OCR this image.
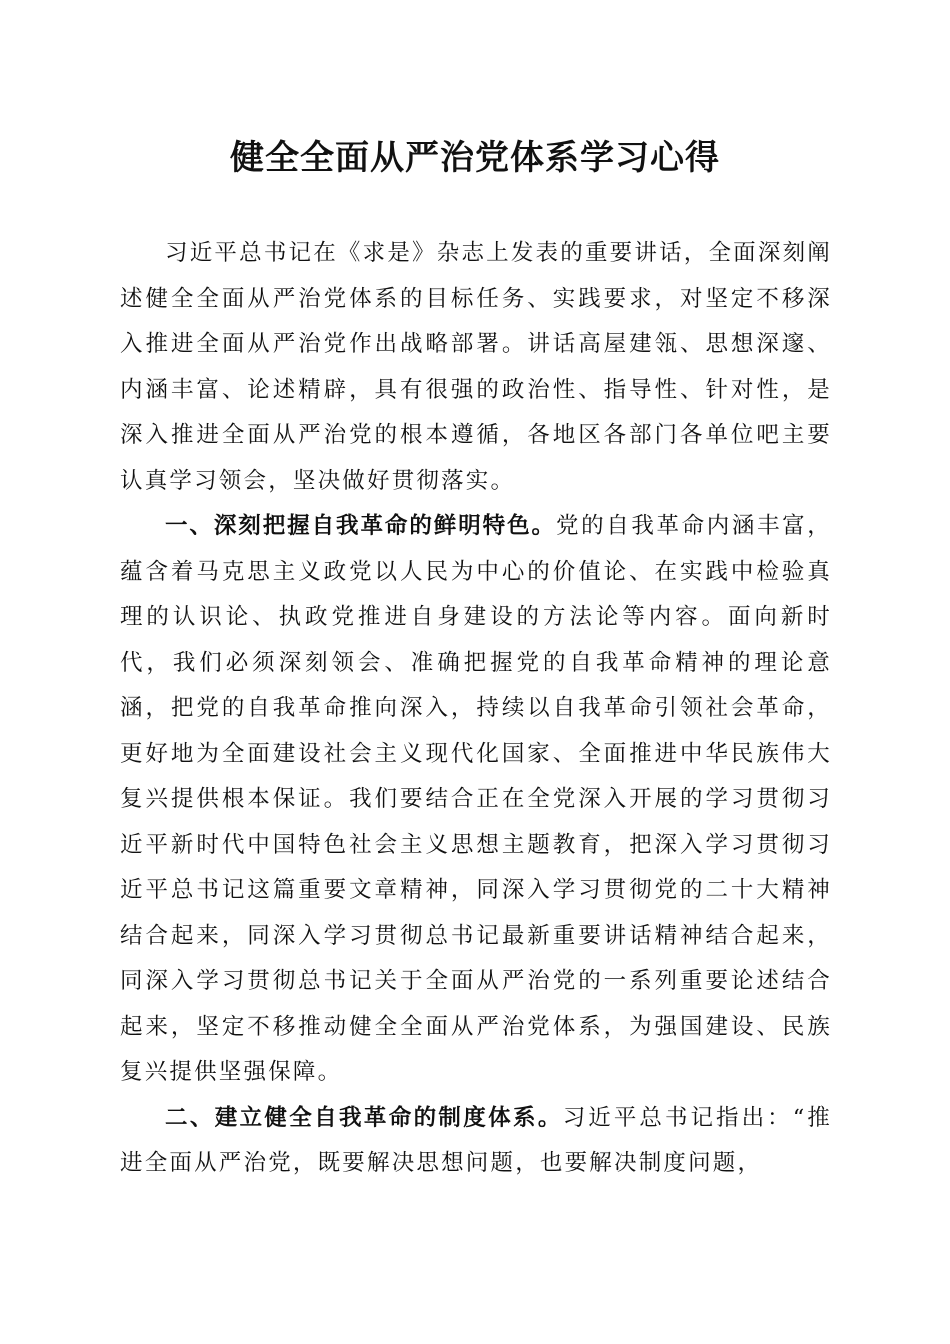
健全全面从严治党体系学习心得

习近平总书记在《求是》杂志上发表的重要讲话，全面深刻阐述健全全面从严治党体系的目标任务、实践要求，对坚定不移深入推进全面从严治党作出战略部署。讲话高屋建瓴、思想深邃、内涵丰富、论述精辟，具有很强的政治性、指导性、针对性，是深入推进全面从严治党的根本遵循，各地区各部门各单位吧主要认真学习领会，坚决做好贯彻落实。

一、深刻把握自我革命的鲜明特色。党的自我革命内涵丰富，蕴含着马克思主义政党以人民为中心的价值论、在实践中检验真理的认识论、执政党推进自身建设的方法论等内容。面向新时代，我们必须深刻领会、准确把握党的自我革命精神的理论意涵，把党的自我革命推向深入，持续以自我革命引领社会革命，更好地为全面建设社会主义现代化国家、全面推进中华民族伟大复兴提供根本保证。我们要结合正在全党深入开展的学习贯彻习近平新时代中国特色社会主义思想主题教育，把深入学习贯彻习近平总书记这篇重要文章精神，同深入学习贯彻党的二十大精神结合起来，同深入学习贯彻总书记最新重要讲话精神结合起来，同深入学习贯彻总书记关于全面从严治党的一系列重要论述结合起来，坚定不移推动健全全面从严治党体系，为强国建设、民族复兴提供坚强保障。

二、建立健全自我革命的制度体系。习近平总书记指出：“推进全面从严治党，既要解决思想问题，也要解决制度问题，
